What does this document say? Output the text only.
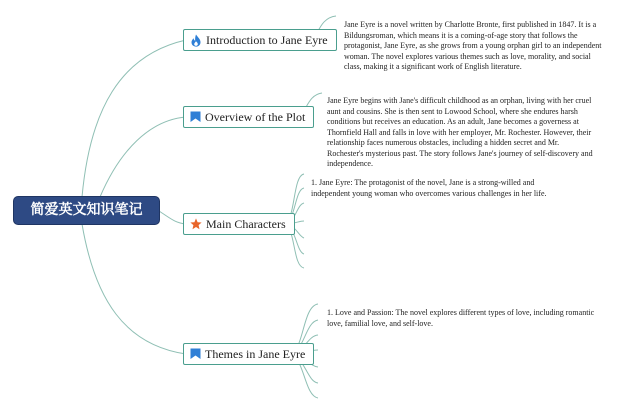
简爱英文知识笔记
Introduction to Jane Eyre
Jane Eyre is a novel written by Charlotte Bronte, first published in 1847. It is a Bildungsroman, which means it is a coming-of-age story that follows the protagonist, Jane Eyre, as she grows from a young orphan girl to an independent woman. The novel explores various themes such as love, morality, and social class, making it a significant work of English literature.
Overview of the Plot
Jane Eyre begins with Jane's difficult childhood as an orphan, living with her cruel aunt and cousins. She is then sent to Lowood School, where she endures harsh conditions but receives an education. As an adult, Jane becomes a governess at Thornfield Hall and falls in love with her employer, Mr. Rochester. However, their relationship faces numerous obstacles, including a hidden secret and Mr. Rochester's mysterious past. The story follows Jane's journey of self-discovery and independence.
Main Characters
1. Jane Eyre: The protagonist of the novel, Jane is a strong-willed and independent young woman who overcomes various challenges in her life.
Themes in Jane Eyre
1. Love and Passion: The novel explores different types of love, including romantic love, familial love, and self-love.
